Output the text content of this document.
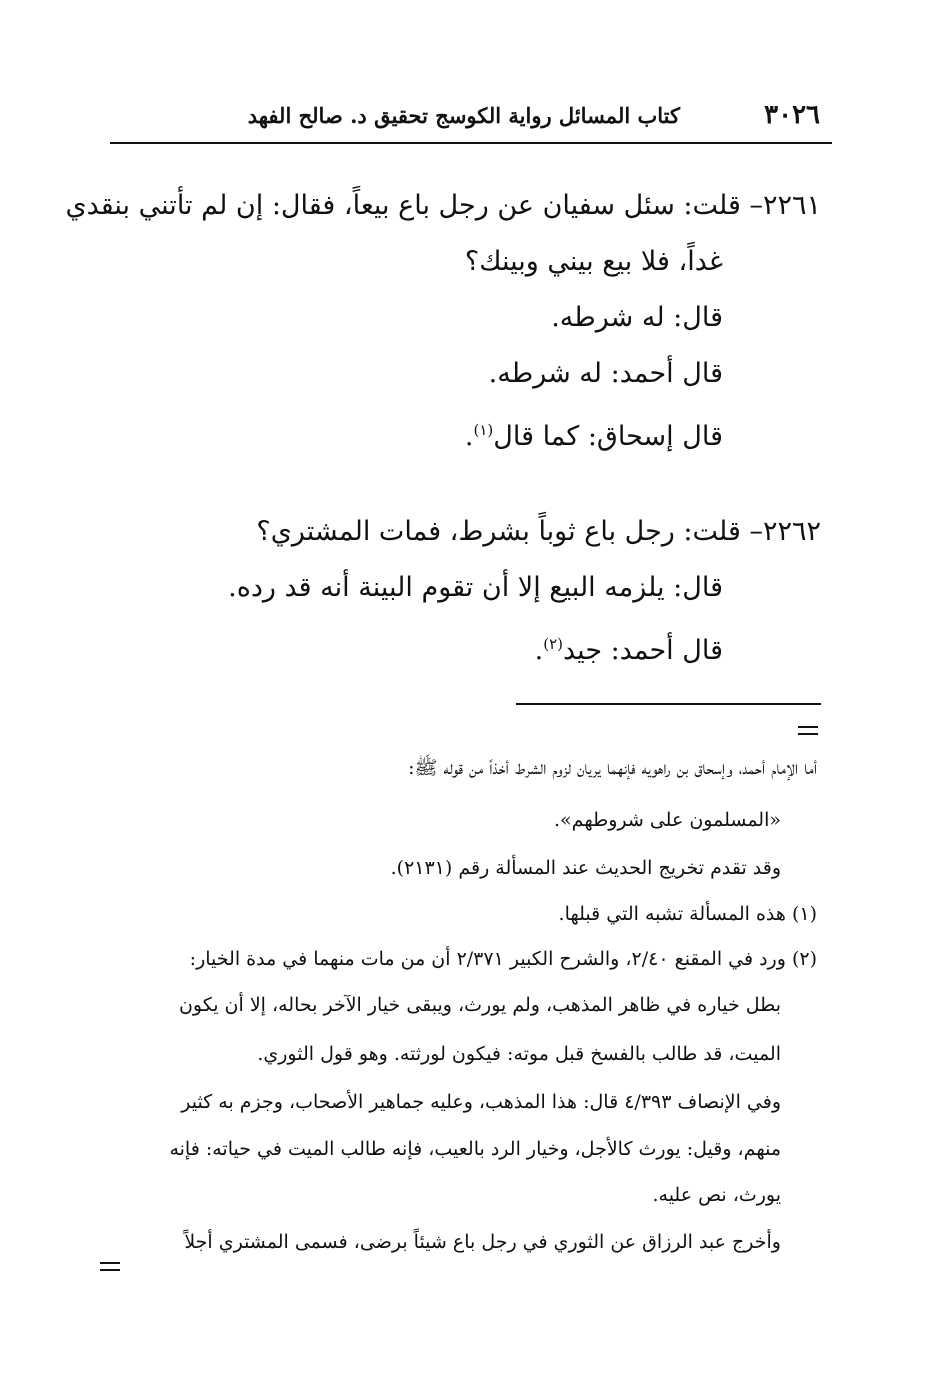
٣٠٢٦
كتاب المسائل رواية الكوسج تحقيق د. صالح الفهد
٢٢٦١– قلت: سئل سفيان عن رجل باع بيعاً، فقال: إن لم تأتني بنقدي
غداً، فلا بيع بيني وبينك؟
قال: له شرطه.
قال أحمد: له شرطه.
قال إسحاق: كما قال$^{(١)}$.
٢٢٦٢– قلت: رجل باع ثوباً بشرط، فمات المشتري؟
قال: يلزمه البيع إلا أن تقوم البينة أنه قد رده.
قال أحمد: جيد$^{(٢)}$.
أما الإمام أحمد، وإسحاق بن راهويه فإنهما يريان لزوم الشرط أخذاً من قوله ﷺ:
«المسلمون على شروطهم».
وقد تقدم تخريج الحديث عند المسألة رقم (٢١٣١).
(١) هذه المسألة تشبه التي قبلها.
(٢) ورد في المقنع ٢/٤٠، والشرح الكبير ٢/٣٧١ أن من مات منهما في مدة الخيار:
بطل خياره في ظاهر المذهب، ولم يورث، ويبقى خيار الآخر بحاله، إلا أن يكون
الميت، قد طالب بالفسخ قبل موته: فيكون لورثته. وهو قول الثوري.
وفي الإنصاف ٤/٣٩٣ قال: هذا المذهب، وعليه جماهير الأصحاب، وجزم به كثير
منهم، وقيل: يورث كالأجل، وخيار الرد بالعيب، فإنه طالب الميت في حياته: فإنه
يورث، نص عليه.
وأخرج عبد الرزاق عن الثوري في رجل باع شيئاً برضى، فسمى المشتري أجلاً
